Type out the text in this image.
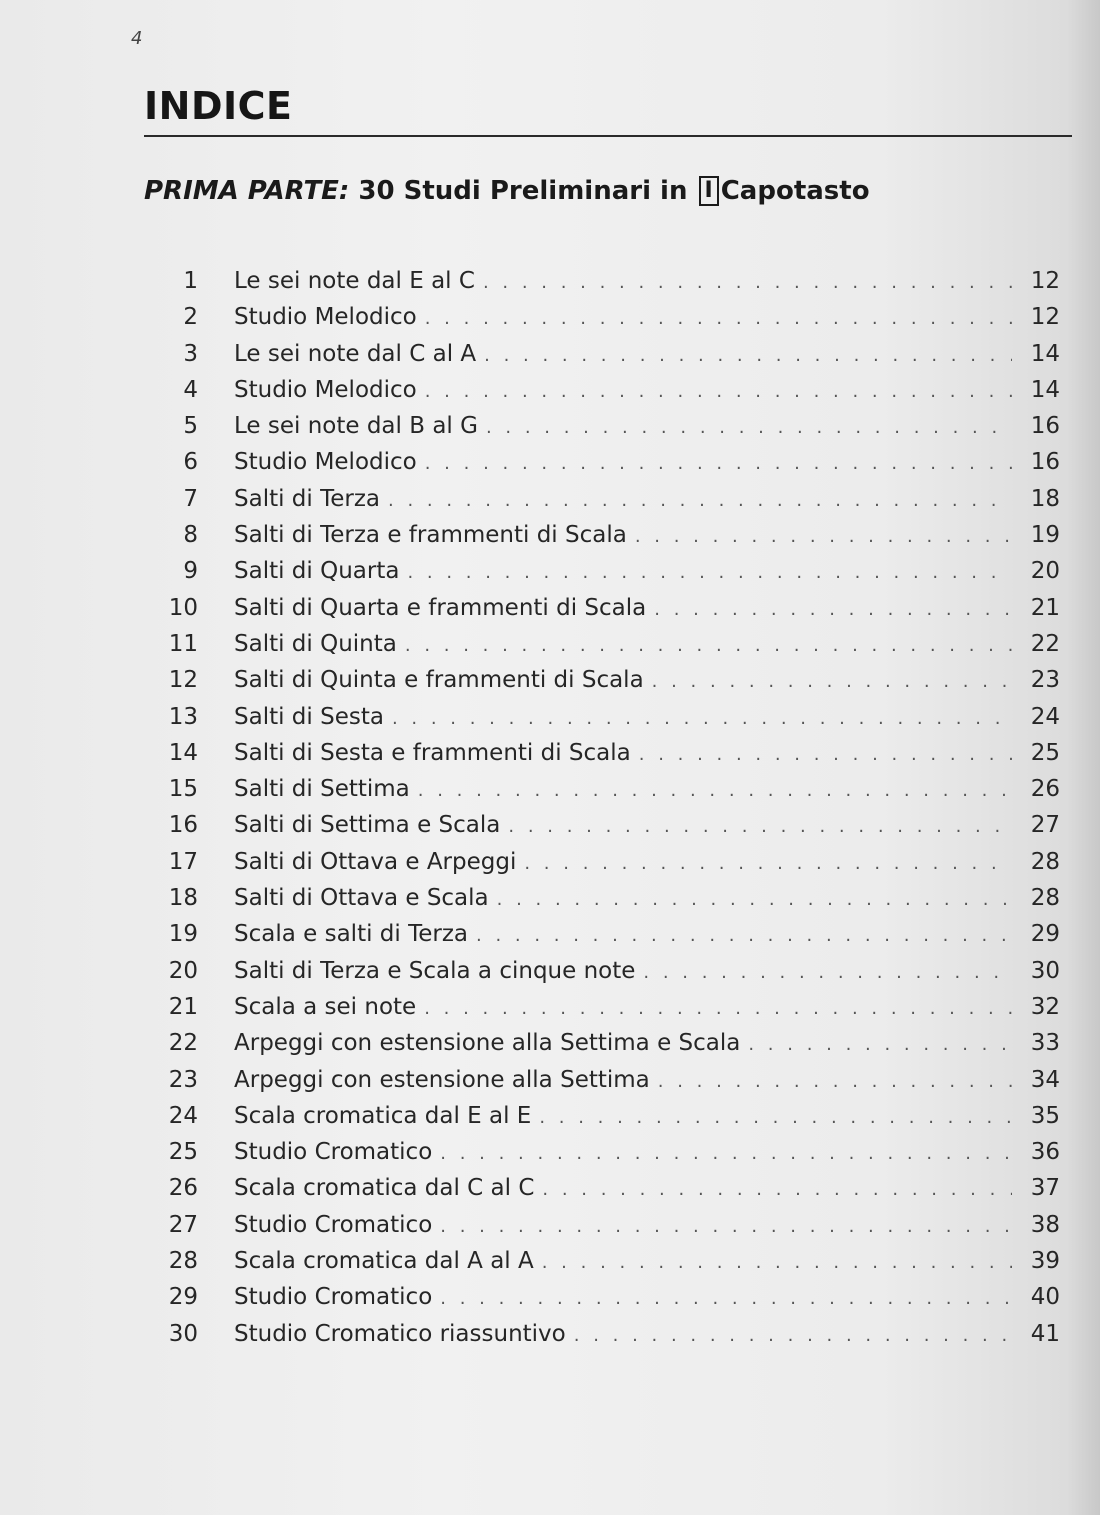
4
INDICE
PRIMA PARTE: 30 Studi Preliminari in I Capotasto
1 Le sei note dal E al C . . .	12
2 Studio Melodico . . .	12
3 Le sei note dal C al A . . .	14
4 Studio Melodico . . .	14
5 Le sei note dal B al G . . .	16
6 Studio Melodico . . .	16
7 Salti di Terza . . .	18
8 Salti di Terza e frammenti di Scala . . .	19
9 Salti di Quarta . . .	20
10 Salti di Quarta e frammenti di Scala . . .	21
11 Salti di Quinta . . .	22
12 Salti di Quinta e frammenti di Scala . . .	23
13 Salti di Sesta . . .	24
14 Salti di Sesta e frammenti di Scala . . .	25
15 Salti di Settima . . .	26
16 Salti di Settima e Scala . . .	27
17 Salti di Ottava e Arpeggi . . .	28
18 Salti di Ottava e Scala . . .	28
19 Scala e salti di Terza . . .	29
20 Salti di Terza e Scala a cinque note . . .	30
21 Scala a sei note . . .	32
22 Arpeggi con estensione alla Settima e Scala . . .	33
23 Arpeggi con estensione alla Settima . . .	34
24 Scala cromatica dal E al E . . .	35
25 Studio Cromatico . . .	36
26 Scala cromatica dal C al C . . .	37
27 Studio Cromatico . . .	38
28 Scala cromatica dal A al A . . .	39
29 Studio Cromatico . . .	40
30 Studio Cromatico riassuntivo . . .	41
